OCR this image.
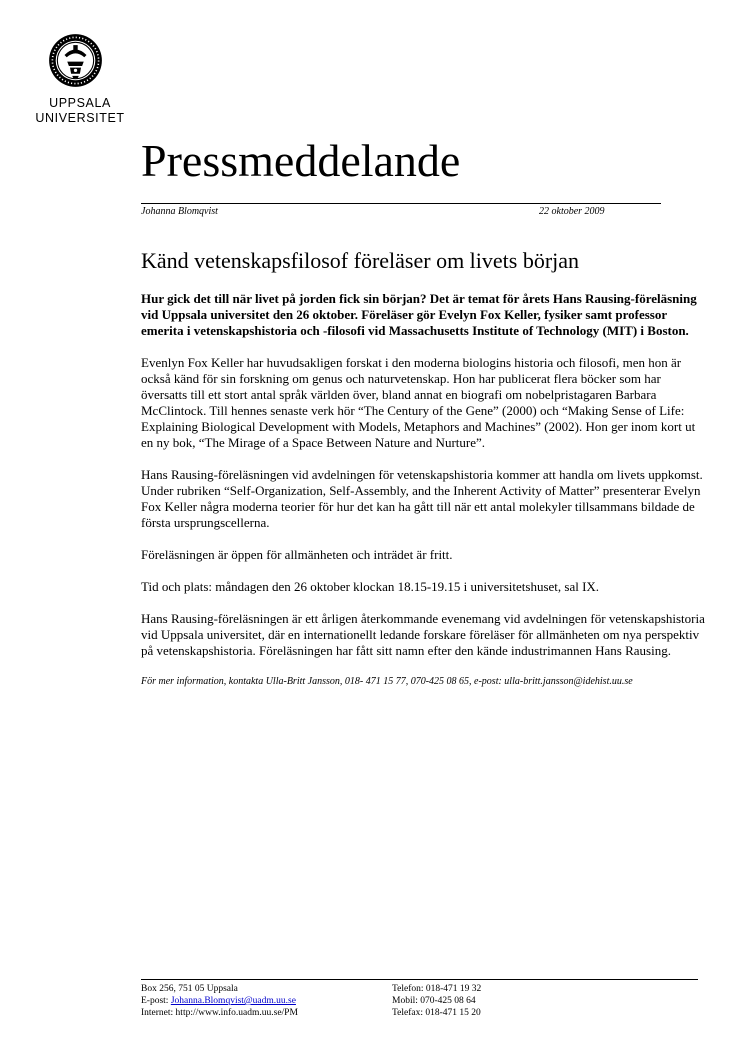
UPPSALA
UNIVERSITET
Pressmeddelande
Johanna Blomqvist	22 oktober 2009
Känd vetenskapsfilosof föreläser om livets början

Hur gick det till när livet på jorden fick sin början? Det är temat för årets Hans Rausing-föreläsning vid Uppsala universitet den 26 oktober. Föreläser gör Evelyn Fox Keller, fysiker samt professor emerita i vetenskapshistoria och -filosofi vid Massachusetts Institute of Technology (MIT) i Boston.

Evenlyn Fox Keller har huvudsakligen forskat i den moderna biologins historia och filosofi, men hon är också känd för sin forskning om genus och naturvetenskap. Hon har publicerat flera böcker som har översatts till ett stort antal språk världen över, bland annat en biografi om nobelpristagaren Barbara McClintock. Till hennes senaste verk hör “The Century of the Gene” (2000) och “Making Sense of Life: Explaining Biological Development with Models, Metaphors and Machines” (2002). Hon ger inom kort ut en ny bok, “The Mirage of a Space Between Nature and Nurture”.

Hans Rausing-föreläsningen vid avdelningen för vetenskapshistoria kommer att handla om livets uppkomst. Under rubriken “Self-Organization, Self-Assembly, and the Inherent Activity of Matter” presenterar Evelyn Fox Keller några moderna teorier för hur det kan ha gått till när ett antal molekyler tillsammans bildade de första ursprungscellerna.

Föreläsningen är öppen för allmänheten och inträdet är fritt.

Tid och plats: måndagen den 26 oktober klockan 18.15-19.15 i universitetshuset, sal IX.

Hans Rausing-föreläsningen är ett årligen återkommande evenemang vid avdelningen för vetenskapshistoria vid Uppsala universitet, där en internationellt ledande forskare föreläser för allmänheten om nya perspektiv på vetenskapshistoria. Föreläsningen har fått sitt namn efter den kände industrimannen Hans Rausing.

För mer information, kontakta Ulla-Britt Jansson, 018- 471 15 77, 070-425 08 65, e-post: ulla-britt.jansson@idehist.uu.se

Box 256, 751 05 Uppsala
E-post: Johanna.Blomqvist@uadm.uu.se
Internet: http://www.info.uadm.uu.se/PM
Telefon: 018-471 19 32
Mobil: 070-425 08 64
Telefax: 018-471 15 20
